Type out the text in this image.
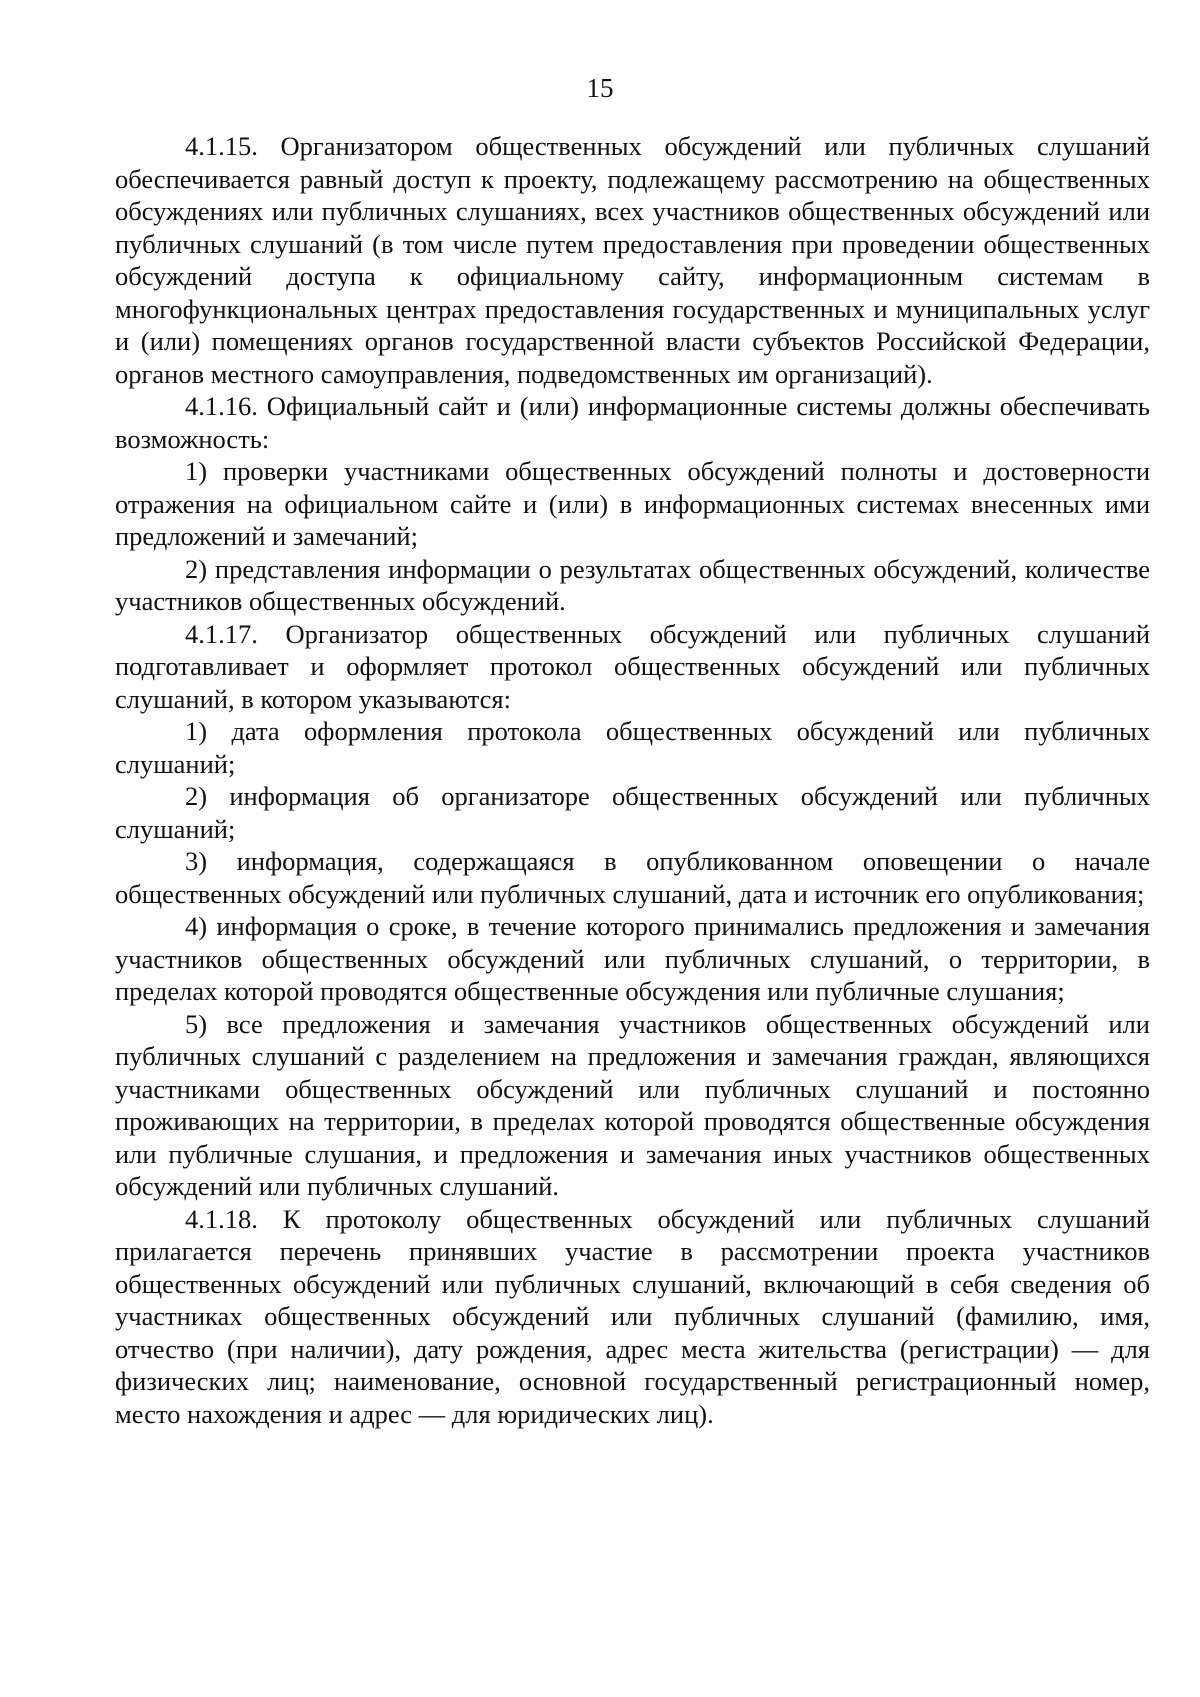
15

4.1.15. Организатором общественных обсуждений или публичных слушаний обеспечивается равный доступ к проекту, подлежащему рассмотрению на общественных обсуждениях или публичных слушаниях, всех участников общественных обсуждений или публичных слушаний (в том числе путем предоставления при проведении общественных обсуждений доступа к официальному сайту, информационным системам в многофункциональных центрах предоставления государственных и муниципальных услуг и (или) помещениях органов государственной власти субъектов Российской Федерации, органов местного самоуправления, подведомственных им организаций).

4.1.16. Официальный сайт и (или) информационные системы должны обеспечивать возможность:

1) проверки участниками общественных обсуждений полноты и достоверности отражения на официальном сайте и (или) в информационных системах внесенных ими предложений и замечаний;

2) представления информации о результатах общественных обсуждений, количестве участников общественных обсуждений.

4.1.17. Организатор общественных обсуждений или публичных слушаний подготавливает и оформляет протокол общественных обсуждений или публичных слушаний, в котором указываются:

1) дата оформления протокола общественных обсуждений или публичных слушаний;

2) информация об организаторе общественных обсуждений или публичных слушаний;

3) информация, содержащаяся в опубликованном оповещении о начале общественных обсуждений или публичных слушаний, дата и источник его опубликования;

4) информация о сроке, в течение которого принимались предложения и замечания участников общественных обсуждений или публичных слушаний, о территории, в пределах которой проводятся общественные обсуждения или публичные слушания;

5) все предложения и замечания участников общественных обсуждений или публичных слушаний с разделением на предложения и замечания граждан, являющихся участниками общественных обсуждений или публичных слушаний и постоянно проживающих на территории, в пределах которой проводятся общественные обсуждения или публичные слушания, и предложения и замечания иных участников общественных обсуждений или публичных слушаний.

4.1.18. К протоколу общественных обсуждений или публичных слушаний прилагается перечень принявших участие в рассмотрении проекта участников общественных обсуждений или публичных слушаний, включающий в себя сведения об участниках общественных обсуждений или публичных слушаний (фамилию, имя, отчество (при наличии), дату рождения, адрес места жительства (регистрации) — для физических лиц; наименование, основной государственный регистрационный номер, место нахождения и адрес — для юридических лиц).
